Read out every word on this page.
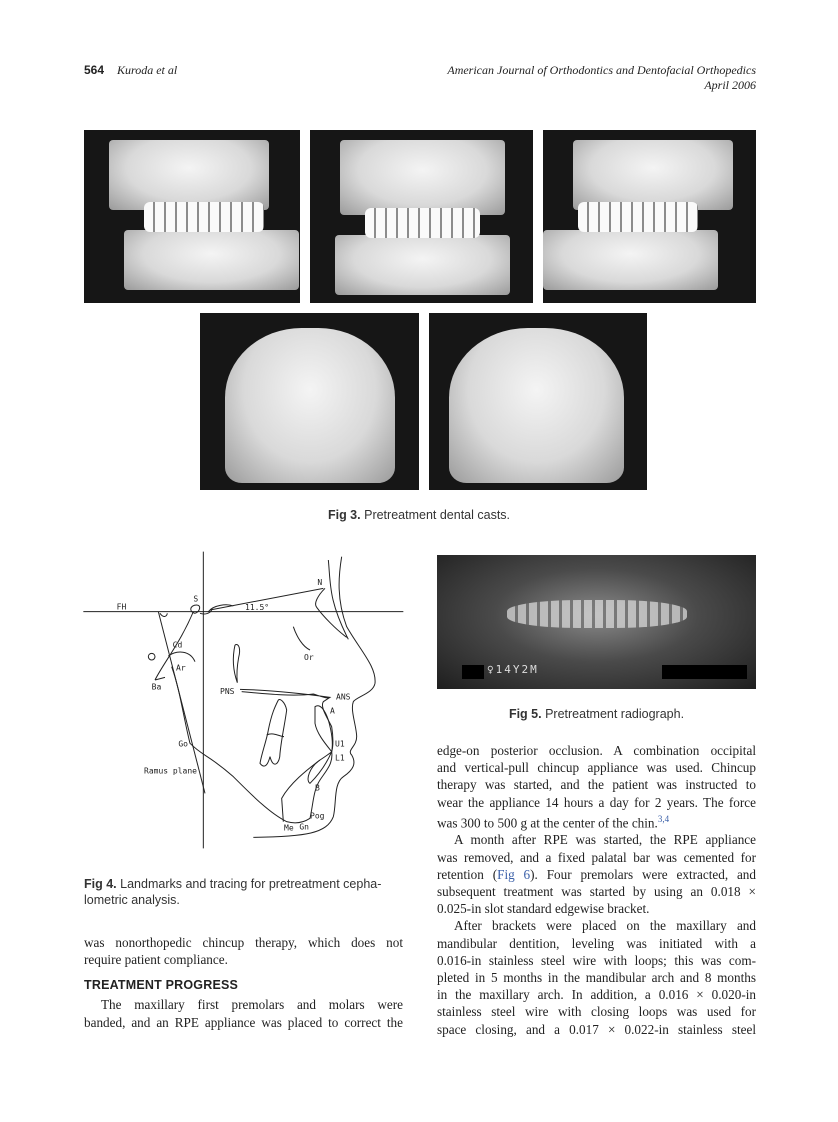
564 Kuroda et al	American Journal of Orthodontics and Dentofacial Orthopedics
April 2006
Fig 3. Pretreatment dental casts.
FH
S
N
11.5°
Cd
Ar
Ba
Or
PNS
ANS
A
Go	U1
L1
Ramus plane
B
Pog
Me Gn
Fig 4. Landmarks and tracing for pretreatment cepha-
lometric analysis.
♀14Y2M
Fig 5. Pretreatment radiograph.
was nonorthopedic chincup therapy, which does not
require patient compliance.
TREATMENT PROGRESS
The maxillary first premolars and molars were
banded, and an RPE appliance was placed to correct the
edge-on posterior occlusion. A combination occipital
and vertical-pull chincup appliance was used. Chincup
therapy was started, and the patient was instructed to
wear the appliance 14 hours a day for 2 years. The force
was 300 to 500 g at the center of the chin.$^{3,4}$
A month after RPE was started, the RPE appliance
was removed, and a fixed palatal bar was cemented for
retention (Fig 6). Four premolars were extracted, and
subsequent treatment was started by using an 0.018 ×
0.025-in slot standard edgewise bracket.
After brackets were placed on the maxillary and
mandibular dentition, leveling was initiated with a
0.016-in stainless steel wire with loops; this was com-
pleted in 5 months in the mandibular arch and 8 months
in the maxillary arch. In addition, a 0.016 × 0.020-in
stainless steel wire with closing loops was used for
space closing, and a 0.017 × 0.022-in stainless steel
